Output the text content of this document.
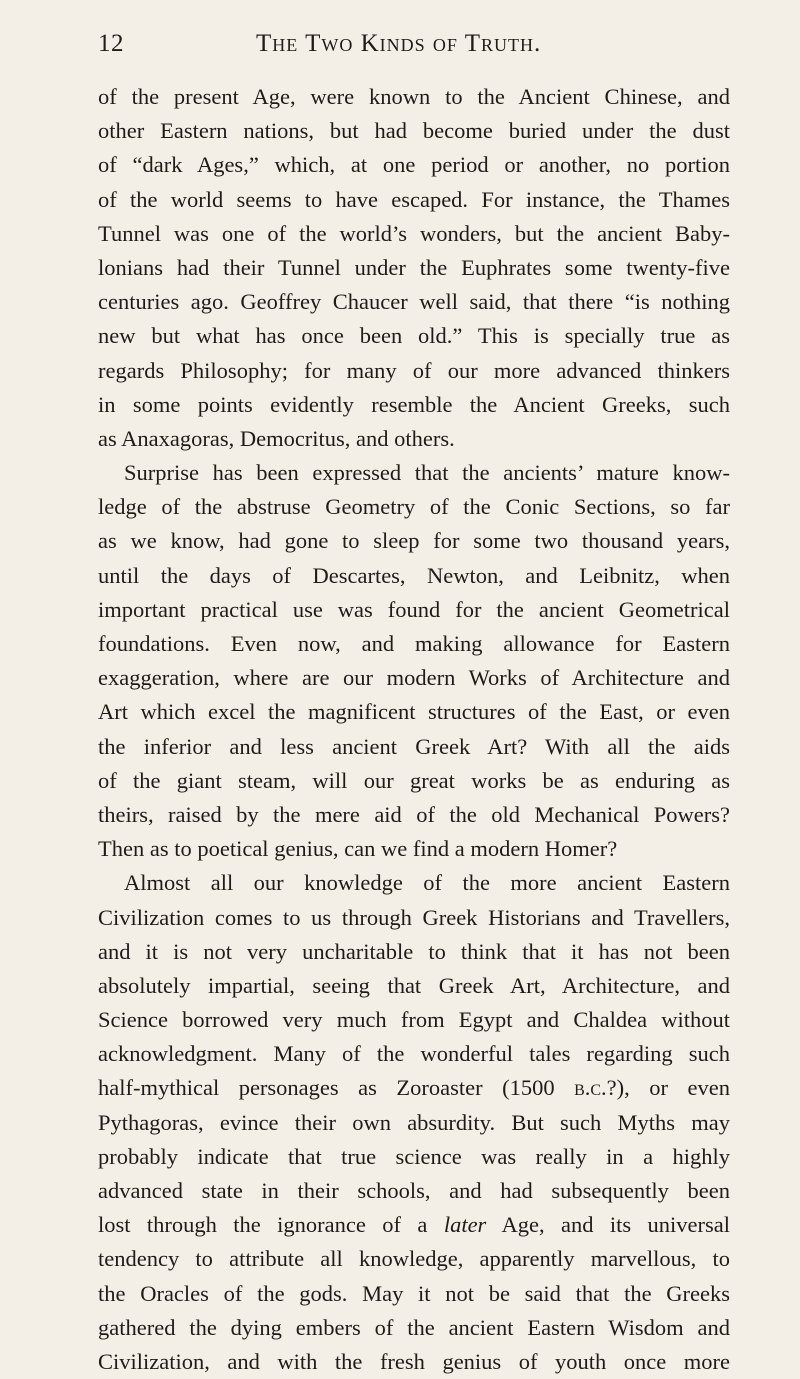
12	The Two Kinds of Truth.
of the present Age, were known to the Ancient Chinese, and
other Eastern nations, but had become buried under the dust
of “dark Ages,” which, at one period or another, no portion
of the world seems to have escaped. For instance, the Thames
Tunnel was one of the world’s wonders, but the ancient Baby-
lonians had their Tunnel under the Euphrates some twenty-five
centuries ago. Geoffrey Chaucer well said, that there “is nothing
new but what has once been old.” This is specially true as
regards Philosophy; for many of our more advanced thinkers
in some points evidently resemble the Ancient Greeks, such
as Anaxagoras, Democritus, and others.
Surprise has been expressed that the ancients’ mature know-
ledge of the abstruse Geometry of the Conic Sections, so far
as we know, had gone to sleep for some two thousand years,
until the days of Descartes, Newton, and Leibnitz, when
important practical use was found for the ancient Geometrical
foundations. Even now, and making allowance for Eastern
exaggeration, where are our modern Works of Architecture and
Art which excel the magnificent structures of the East, or even
the inferior and less ancient Greek Art? With all the aids
of the giant steam, will our great works be as enduring as
theirs, raised by the mere aid of the old Mechanical Powers?
Then as to poetical genius, can we find a modern Homer?
Almost all our knowledge of the more ancient Eastern
Civilization comes to us through Greek Historians and Travellers,
and it is not very uncharitable to think that it has not been
absolutely impartial, seeing that Greek Art, Architecture, and
Science borrowed very much from Egypt and Chaldea without
acknowledgment. Many of the wonderful tales regarding such
half-mythical personages as Zoroaster (1500 b.c.?), or even
Pythagoras, evince their own absurdity. But such Myths may
probably indicate that true science was really in a highly
advanced state in their schools, and had subsequently been
lost through the ignorance of a later Age, and its universal
tendency to attribute all knowledge, apparently marvellous, to
the Oracles of the gods. May it not be said that the Greeks
gathered the dying embers of the ancient Eastern Wisdom and
Civilization, and with the fresh genius of youth once more
